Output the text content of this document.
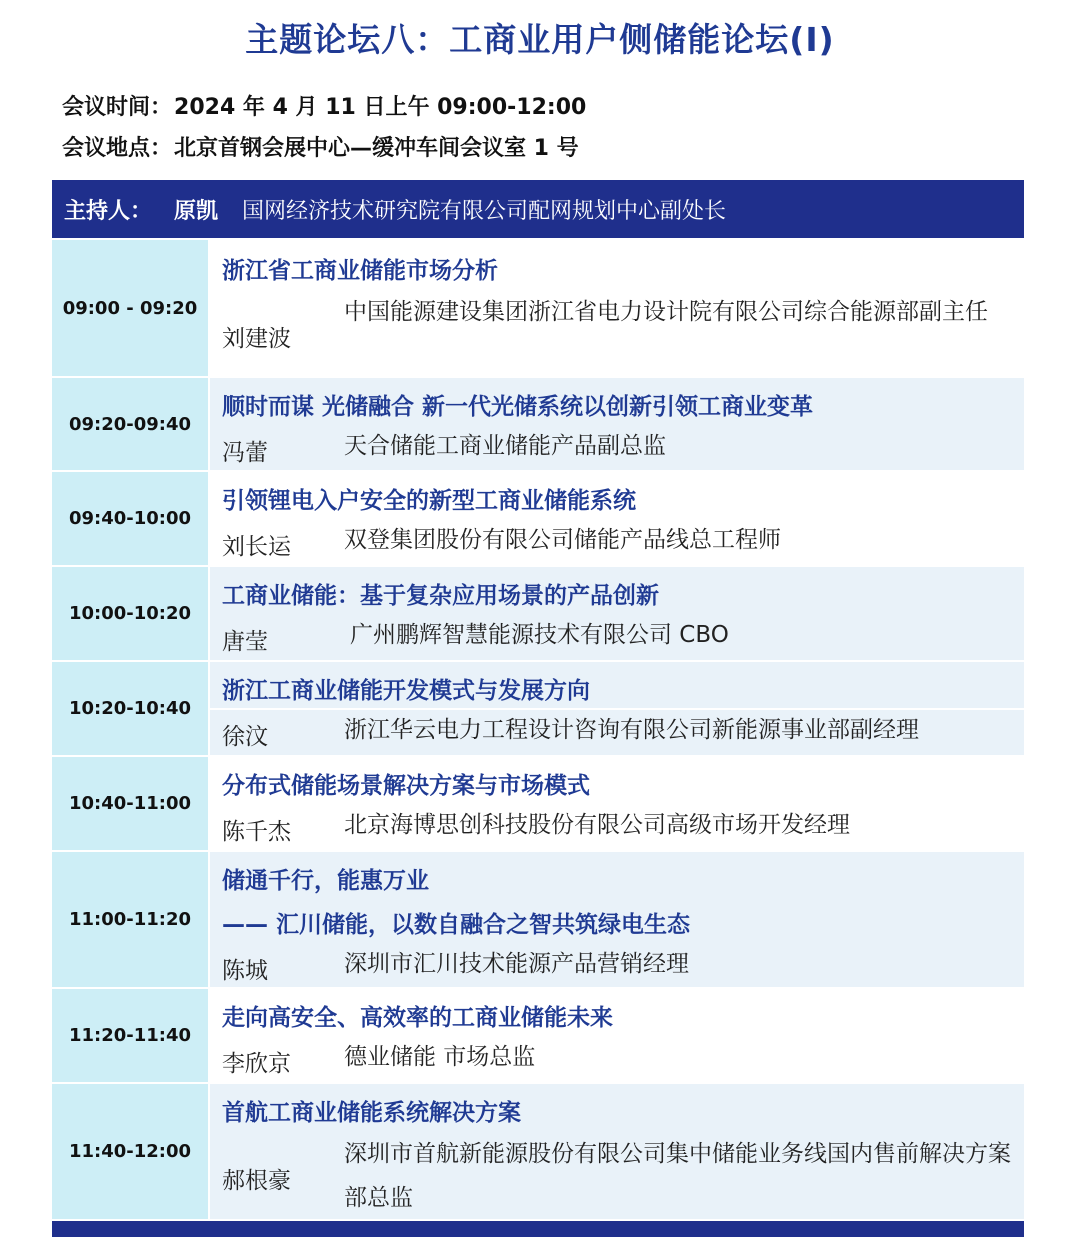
主题论坛八：工商业用户侧储能论坛(Ⅰ)
会议时间：2024 年 4 月 11 日上午 09:00-12:00
会议地点：北京首钢会展中心—缓冲车间会议室 1 号
主持人： 原凯 国网经济技术研究院有限公司配网规划中心副处长
09:00 - 09:20
浙江省工商业储能市场分析
刘建波
中国能源建设集团浙江省电力设计院有限公司综合能源部副主任
09:20-09:40
顺时而谋 光储融合 新一代光储系统以创新引领工商业变革
冯蕾	天合储能工商业储能产品副总监
09:40-10:00
引领锂电入户安全的新型工商业储能系统
刘长运 双登集团股份有限公司储能产品线总工程师
10:00-10:20
工商业储能：基于复杂应用场景的产品创新
唐莹	广州鹏辉智慧能源技术有限公司 CBO
10:20-10:40
浙江工商业储能开发模式与发展方向
徐汶	浙江华云电力工程设计咨询有限公司新能源事业部副经理
10:40-11:00
分布式储能场景解决方案与市场模式
陈千杰 北京海博思创科技股份有限公司高级市场开发经理
11:00-11:20
储通千行，能惠万业
—— 汇川储能，以数自融合之智共筑绿电生态
陈城	深圳市汇川技术能源产品营销经理
11:20-11:40
走向高安全、高效率的工商业储能未来
李欣京 德业储能 市场总监
11:40-12:00
首航工商业储能系统解决方案
郝根豪
深圳市首航新能源股份有限公司集中储能业务线国内售前解决方案部总监
